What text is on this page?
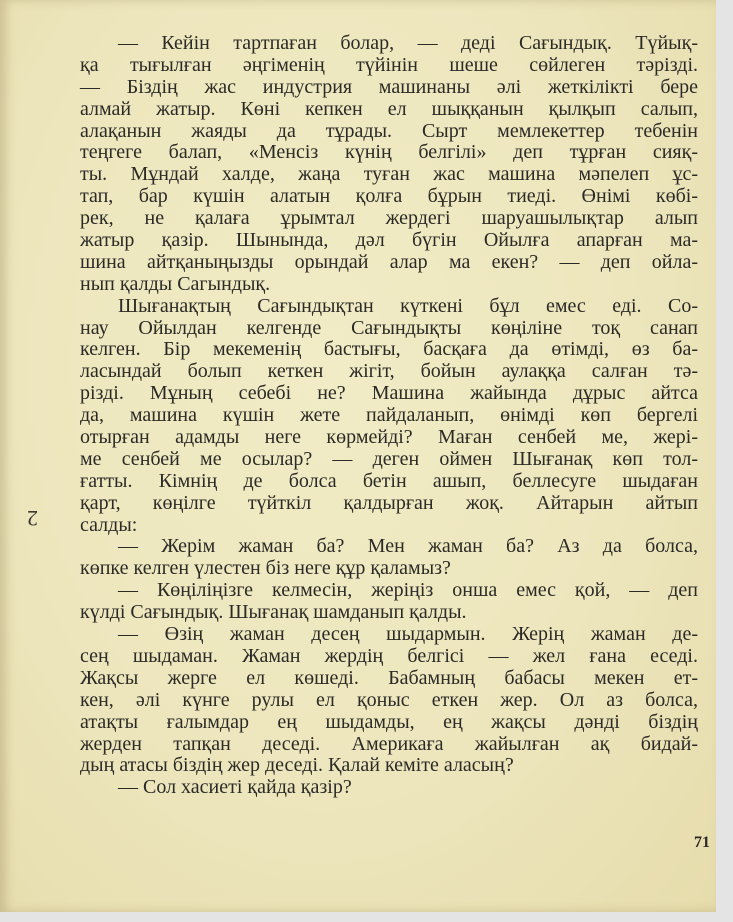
— Кейін тартпаған болар, — деді Сағындық. Түйық-
қа тығылған әңгіменің түйінін шеше сөйлеген тәрізді.
— Біздің жас индустрия машинаны әлі жеткілікті бере
алмай жатыр. Көні кепкен ел шыққанын қылқып салып,
алақанын жаяды да тұрады. Сырт мемлекеттер тебенін
теңгеге балап, «Менсіз күнің белгілі» деп тұрған сияқ-
ты. Мұндай халде, жаңа туған жас машина мәпелеп ұс-
тап, бар күшін алатын қолға бұрын тиеді. Өнімі көбі-
рек, не қалаға ұрымтал жердегі шаруашылықтар алып
жатыр қазір. Шынында, дәл бүгін Ойылға апарған ма-
шина айтқаныңызды орындай алар ма екен? — деп ойла-
нып қалды Сагындық.
Шығанақтың Сағындықтан күткені бұл емес еді. Со-
нау Ойылдан келгенде Сағындықты көңіліне тоқ санап
келген. Бір мекеменің бастығы, басқаға да өтімді, өз ба-
ласындай болып кеткен жігіт, бойын аулаққа салған тә-
різді. Мұның себебі не? Машина жайында дұрыс айтса
да, машина күшін жете пайдаланып, өнімді көп бергелі
отырған адамды неге көрмейді? Маған сенбей ме, жері-
ме сенбей ме осылар? — деген оймен Шығанақ көп тол-
ғатты. Кімнің де болса бетін ашып, беллесуге шыдаған
қарт, көңілге түйткіл қалдырған жоқ. Айтарын айтып
салды:
— Жерім жаман ба? Мен жаман ба? Аз да болса,
көпке келген үлестен біз неге құр қаламыз?
— Көңіліңізге келмесін, жеріңіз онша емес қой, — деп
күлді Сағындық. Шығанақ шамданып қалды.
— Өзің жаман десең шыдармын. Жерің жаман де-
сең шыдаман. Жаман жердің белгісі — жел ғана еседі.
Жақсы жерге ел көшеді. Бабамның бабасы мекен ет-
кен, әлі күнге рулы ел қоныс еткен жер. Ол аз болса,
атақты ғалымдар ең шыдамды, ең жақсы дәнді біздің
жерден тапқан деседі. Америкаға жайылған ақ бидай-
дың атасы біздің жер деседі. Қалай кеміте аласың?
— Сол хасиеті қайда қазір?
2
71
